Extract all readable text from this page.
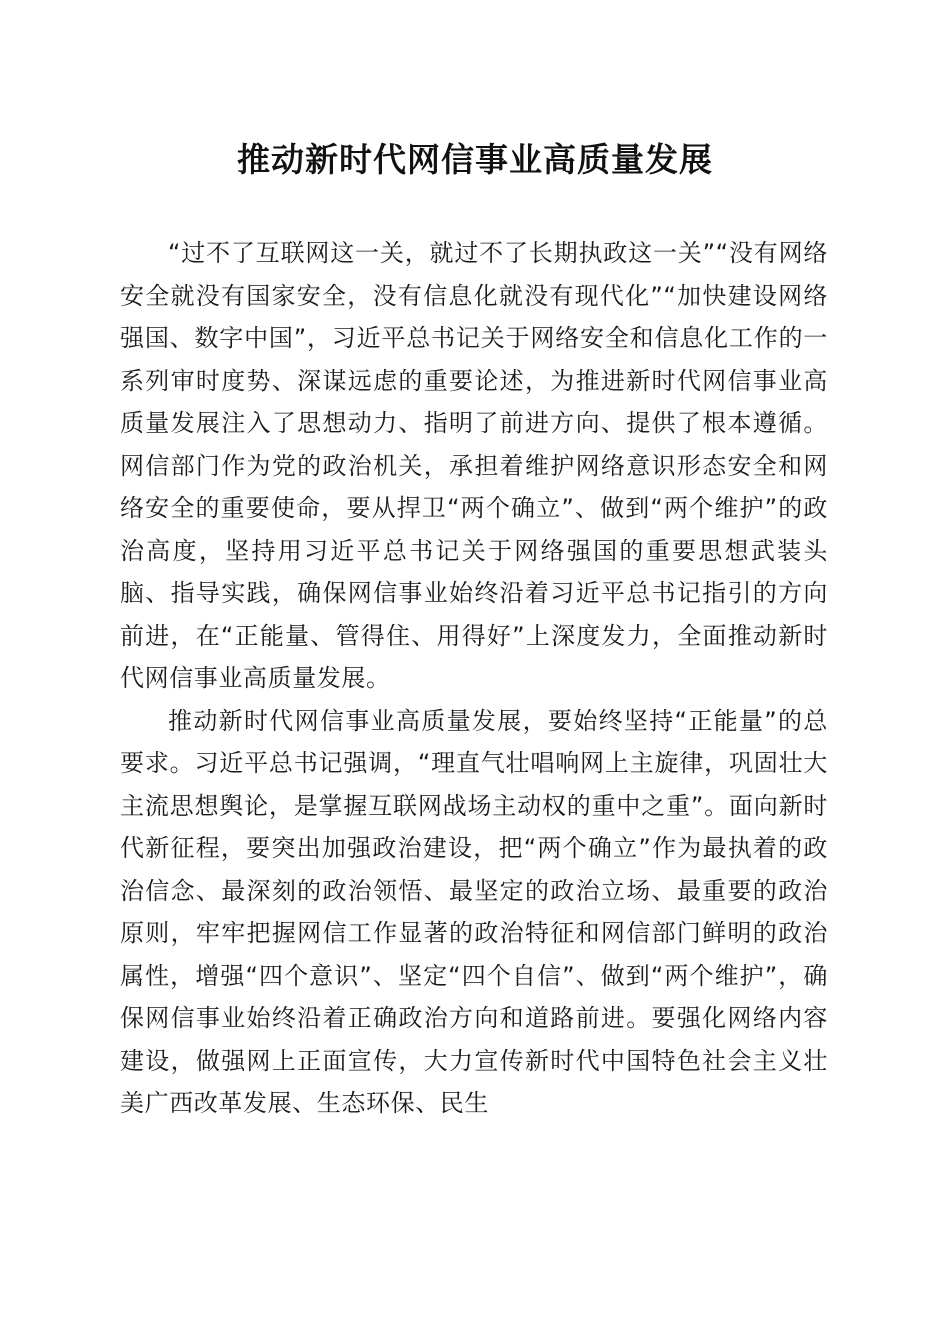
推动新时代网信事业高质量发展

“过不了互联网这一关，就过不了长期执政这一关”“没有网络安全就没有国家安全，没有信息化就没有现代化”“加快建设网络强国、数字中国”，习近平总书记关于网络安全和信息化工作的一系列审时度势、深谋远虑的重要论述，为推进新时代网信事业高质量发展注入了思想动力、指明了前进方向、提供了根本遵循。网信部门作为党的政治机关，承担着维护网络意识形态安全和网络安全的重要使命，要从捍卫“两个确立”、做到“两个维护”的政治高度，坚持用习近平总书记关于网络强国的重要思想武装头脑、指导实践，确保网信事业始终沿着习近平总书记指引的方向前进，在“正能量、管得住、用得好”上深度发力，全面推动新时代网信事业高质量发展。

推动新时代网信事业高质量发展，要始终坚持“正能量”的总要求。习近平总书记强调，“理直气壮唱响网上主旋律，巩固壮大主流思想舆论，是掌握互联网战场主动权的重中之重”。面向新时代新征程，要突出加强政治建设，把“两个确立”作为最执着的政治信念、最深刻的政治领悟、最坚定的政治立场、最重要的政治原则，牢牢把握网信工作显著的政治特征和网信部门鲜明的政治属性，增强“四个意识”、坚定“四个自信”、做到“两个维护”，确保网信事业始终沿着正确政治方向和道路前进。要强化网络内容建设，做强网上正面宣传，大力宣传新时代中国特色社会主义壮美广西改革发展、生态环保、民生
